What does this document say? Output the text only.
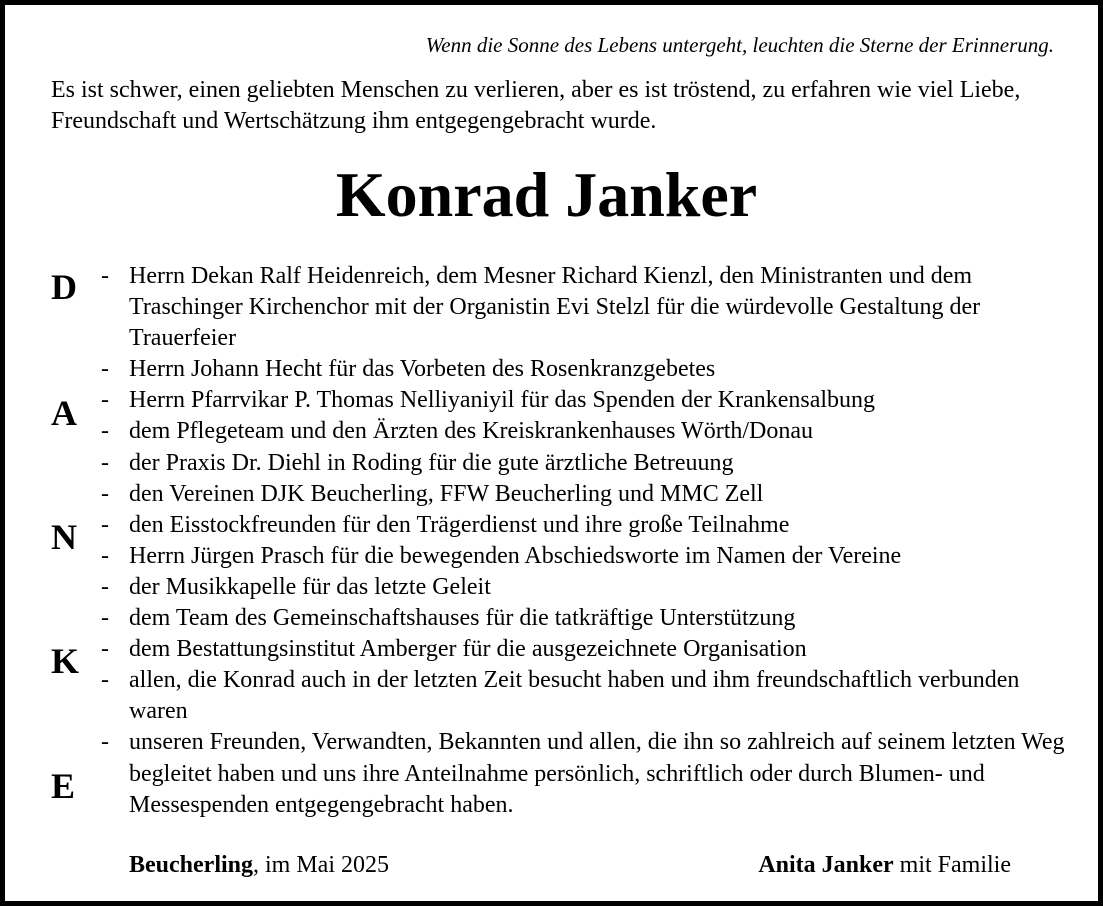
Wenn die Sonne des Lebens untergeht, leuchten die Sterne der Erinnerung.
Es ist schwer, einen geliebten Menschen zu verlieren, aber es ist tröstend, zu erfahren wie viel Liebe, Freundschaft und Wertschätzung ihm entgegengebracht wurde.
Konrad Janker
D
A
N
K
E
- Herrn Dekan Ralf Heidenreich, dem Mesner Richard Kienzl, den Ministranten und dem Traschinger Kirchenchor mit der Organistin Evi Stelzl für die würdevolle Gestaltung der Trauerfeier
- Herrn Johann Hecht für das Vorbeten des Rosenkranzgebetes
- Herrn Pfarrvikar P. Thomas Nelliyaniyil für das Spenden der Krankensalbung
- dem Pflegeteam und den Ärzten des Kreiskrankenhauses Wörth/Donau
- der Praxis Dr. Diehl in Roding für die gute ärztliche Betreuung
- den Vereinen DJK Beucherling, FFW Beucherling und MMC Zell
- den Eisstockfreunden für den Trägerdienst und ihre große Teilnahme
- Herrn Jürgen Prasch für die bewegenden Abschiedsworte im Namen der Vereine
- der Musikkapelle für das letzte Geleit
- dem Team des Gemeinschaftshauses für die tatkräftige Unterstützung
- dem Bestattungsinstitut Amberger für die ausgezeichnete Organisation
- allen, die Konrad auch in der letzten Zeit besucht haben und ihm freundschaftlich verbunden waren
- unseren Freunden, Verwandten, Bekannten und allen, die ihn so zahlreich auf seinem letzten Weg begleitet haben und uns ihre Anteilnahme persönlich, schriftlich oder durch Blumen- und Messespenden entgegengebracht haben.
Beucherling, im Mai 2025	Anita Janker mit Familie
